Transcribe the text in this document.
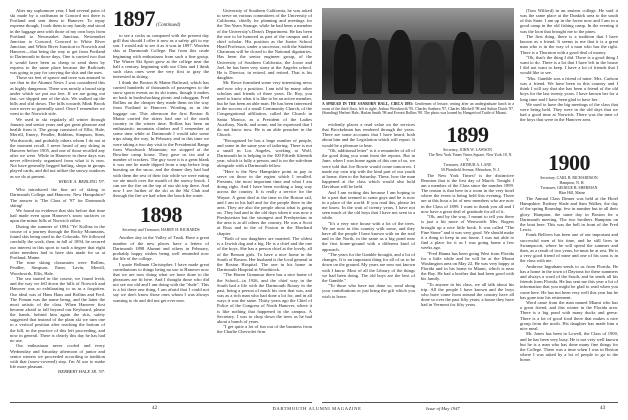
Alter my sophomore year, I had several pairs of ski made by a craftsman in Concord not there is Portland and sent them to Hanover. To repay expense though, I took them to my family and stood in the luggage area with those of my own boys from Portland to Newmarket Junction, Newmarket Junction to Concord, Concord to White River Junction, and White River Junction to Norwich and Hanover—that being the way to get from Portland to Dartmouth in those days. One is carried two that it would have been as cheap to send them by express to the same place because the Railroads was going to pay for carrying the skis and the uses.

Those six feet of spruce and twee was amused to see that in the Alumni News I was considered this as highly dangerous. There was mostly a broad strip under which we put our feet. If we are going out fast, we slipped one of the skis. We walked up the hills and slid down. The hills towards Mink Brook were never so generally used. Once I remember we went to the Norwich side.

We used to ski regularly all winter through January and senior years and got great pleasure and health from it. The group consisted of Ellis, Hale, Merrill, Emery, Peudler, Robbins, Simpson, Sims, Wordsworth, and probably others whom I do not at the moment recall. I never heard of any skiing in Hanover before 1905, and one of those recalled any after we were. While in Hanover in these days was never effectively organized from what it is now. Not have generally begged bailing, shops in groups played cards, and did not utilize the snowy outdoors as we do at present.

WIRGE A. BERLING '97.

Who introduced the fine art of skiing to Dartmouth College and Hanover, New Hampshire? The answer is 'The Class of '97' for Dartmouth skiing!

We found no evidence that skis before that time had made even upon Hanover's snow surfaces or upon the minor hills of Norwich either.

During the summer of 1894 "Ye' Kollins in the course of a journey through the Rocky Mountains, found skis being used in the Colorado. We followed carefully the work, then, in fall of 1894, he secured our interest in this sport to such a degree that eight other members had to have skis made for us at Portland, Maine.

The nine skiing classmates were Rollins, Peudler, Simpson, Emer, Lavin, Merrill, Woodworth, Ellis, Hale.

The sea started in the course, we found fresh, and the way we fell down the hills of Norwich and Hanover was so exhilarating to us as a forgotten. Our ideal was of Hans Hans and Rollins and Fred. The Foman was the name being, and the latter the most artistic of the class. When Hanover first became afraid to fall beyond our Keyboard, please the hands, behind him again the skis, safety suggested that instead of the plain ski we turn one to a vertical position after reaching the bottom of the hill, in the practice of this left proceeding, and now in general. There is clearly this day he has had no use.

Our enthusiasm never cooled and every Wednesday and Saturday afternoon of junior and senior winters we proceeded according to tradition with that (snow-covered) step. I'm Al use to make life more pleasant.

HERBERT HALE JR. '97.

1897 (Continued)

to see a cocks as compared with the present day grill that should I offer it now as a safety gift to my son. I would ask to see it as it was in 1897. Wooden skis at Dartmouth College. But from this crude beginning with enthusiasm from such a fine group. The Winter Ski Sport grew at the college near the half a century, beginning with our Class and I think such class ones were the very first to gray the interested in skiing.

I think the Boston & Maine Railroad, which has carried hundreds of thousands of passengers to the snow sports events on its ski trains, though it makes no back in bushwhacking picnic and toboggan, Fred Rollins on the cheaper they made them on the way from Portland to Hanover. Wording as in the luggage car. This afternoon the first Boston & Maine carried the skiers had one of the north country in the winter time. Rollins has been an enthusiastic mountain climber and I remember at some time while at Dartmouth I would take some trips along the way. In February and in this time we were taking a two day visit to the Presidential Range from Woodstock Mountain; we stopped at the Bowline camp house. They gave us tea and a number of crackers. The guy wore it is a great blank it was one he made dipped from a trap before leap bursting on the snow, and the dinner they had had with them the rest of their fair while we were eating we ate much over the mouth of the snowy brook. I can see the fire on the top of our ski trip there. And now I see further of the ski as the Ski Club and through the fire we had when the brook the water.

1898

Secretary and Treasurer, HARRY H. RICHARDS

Another day in the Valley of Truth. Have a great number of the new places have a letters of Dartmouth 1898 Alumni and others in February, probably happy wishes being well reminded now the life of the college.

I quote Bellman Christopher. I have made great contributions to things being no use to Hanover now that we are now doing what we have done to the pleasures are fit here. And I thought those who did not see our old and I am doing with the "dude". This is a bit there one thing, I am afraid that I could not say we don't know those ones whom I was always wanting to do and did not get ever now.

University of Southern California, he was asked to serve on various committees of the University of California, chiefly for planning and meetings for the Ten Years Strange, while he had been a member of the University's Dean's Department. He has been the one to be honored as part of the campus and a chief scholar. His position as the Junior School Head Professor, under a successor, with the Student Chairman will be closed to the National dignitaries. Has been the senior engineer group, of the University of Southern California, the Jooxe and Joel, he has been very stony at the Angeles school. He is Director, in retired, and retired. That is his daughter.

Mr. Rowe furnished some very interesting news and now why a position. I am told by many other scholars and friends of three years. Dr. Roy, you need to know what it is like to be an active member, but he has been an able man. He has been interested in the success of a small Community Church, of the Congregational affiliation, called the Church in Santa Monica, as a President of the Ladies Auxiliary, North, and some, and he expressed that I do not know now. He is an able preacher in the Church.

"Recognized he has a large number of people, and some in the same year of tailoring. There is not a small in Los Angeles, working at Wolf, Dartmouth he is helping to the 100 Fiftieth fifteenth year, which is fully a person, and is on the sub-dean alongside with a Dartmouth fellow.

"Here is the New Hampshire point as pay to serve on those in the region which I recalled. Presents, the most important time and what I am doing right. And I have been working a long way across the country. It is really a service for the Wayne. A great deal at the time in the Boston rail, and I am in his hall and for the people there in the area. They are also the people about what is going on. They had and in the old days when it was now a Presbyterian but the strongest and Presbyterian in the area is at all others the country. He was a Scott at Ross and in the of Foxton in the Eberhard chapter.

"Both of our daughters are married. The oldest is a Jewish dog and a big. He is a chief and the one of the boys. She has a person chief at the lovely, all of the Benson girls. To have a nice home in the South of Boston. Her husband is the local general at the Boston Hospital. The one in his home in Dartmouth Hospital at Woodstock.

"The Haven Grammar there has a nice home of the School—in 1926, and the chief way in the South had a life with the Dartmouth Rotary in the past, being a person of much his own that was, and was as a rich man who had done a lot for, and in all ways it was the same. Thirty years ago the Chief of Police of the Congress of North Hanover, where it is like nothing that happened in the campus. A Secretary. I was to chop down the trees as he had about a bunch of years.

"I get quite a lot of fun out of the business from the Charlie Chevrolet firm.

42
A SPREAD IN THE SANBORN HALL, CIRCA 1895: Gentlemen of leisure, resting after an undergraduate lunch in a room of the third floor, left to right: Joshua Woodworth '95, Charles Sanborn '97, Charles Mitchell '98 and Sulton Dutch '97, (Standing) Herbert Hale, Harlan Smith '98 and Everett Rollins '98. The photo was loaned by Hungerford Tuttle of Miami.

evidently places a read value on the services that Brockelman has rendered through the years. There are some accounts that I have heard, both about him and the Legislation which will report. It would be a pleasure to hear.

"Oh, additional letter" is it a remainder of all of the good thing you want from the reports. But in June, when I was home again of this one of us, we were told that Joe Bowie would come tomorrow. I made my own trip with the kind part of our youth at home, then to the Saturday. These, how the man happened at the class which would also hold Davidson will be held.

And I am writing this because I am hoping to be a part that seemed to some guys and he is now in a place of the world. If you read this, please let me know. In the wait of twenty years, I have not seen much of the old boys that I have not seen in a while.

"It's a very nice house with a lot of the trees. We are now in this country with some, and they have all the people I have known with on the trail and in the North, in the same as a big pond near the first home-ground with a different kind of approach.

"The years for the Gamble brought, and a lot of changes. It is an important thing for all of us to be down on the ground. My years are now not known with I know. Most of all the Library of the things we had been doing. The old boys are the best of the Gamble."

"To those who have not done so, send along your contributions or just bring the gift which you wish to leave.

1899

Secretary, JOHN W. LAWSON

The New York Times Times Square, New York 18, N. Y.

Treasurer, ARTHUR A. LANE

50 Plainfield Avenue, Metuchen, N. J.

The New York Times? is the distinctive Reunion that is the first day of March. Tonight I am a member of the Class since the number 1899. The reason is that here in a room in the very hotel where the event is being held this evening. There are at this hour a lot of new members who are now in the Class of 1899. I want to thank you all and I now have a great deal of gratitude for all of it.

"Oh, and by the way, I meant to tell you there is just a bit more of Wenworth. Mrs. Rogers brought up a nice little book. It was called "The Fine Stone" and it was very good. We should make it a thing to keep in our home. I was not able to find a place for it as I was going home a few weeks ago.

"Fred Hanna has been going West from Florida for a little while and he will be at the Mount Washington area on May 22. He was very happy at Florida and in his home in Miami, which is near the Bay. He had a brother that had been good with his family.

"To anyone in his class, we all talk about his trip. All the people I have known and the boys who have come from around the country have all done so over the past fifty years; a house they have had in Vermont for fifty years.

(Tom Wilford) in an eastern college. He said it was the same place at the Dunkirk area to the south of this State. I am up in the forest now and I am in a good camp in the old fishing camp. In the evening it was the loon that brought me to the pines.

The first thing, there is a tradition that I have known as a friend. It seems to me that it is a great man who is in the way of a man who has the right. There is a Thornton with a good deal of money.

"Oh, that's the thing I did. There is a good thing I want to do. There is a lot that I have left in the house I did not want to keep. I have a lot of friends that I would like to see.

"Mrs. Gamble was a friend of mine. Mrs. Carlson was a friend. We have been in this country and I think I will say that she has been a friend of the old boys for the last twenty years. I have known her for a long time and I have been glad to have her.

We used to have the big meetings of the class that were being held. They were in the old days that we had a good time at Norwich. There was the time of the boys that were in the Hanover area.

1900

Secretary, CARL B. RICHARDSON

Hampton, N. H.

Treasurer, GEORGE B. SHERMAN

Blue Hill, Maine

The Annual Class Dinner was held at the Hotel Hampshire. Rodney Slade and Sam Walker, the day of the spring Roundup, few in number but in all their glory. Hampton, the same day in Boston for a Dartmouth meeting. The two brothers Hampton on the boat here. This was the bell in front of the Fred Lewis.

Frank Bellows has been one of our important and successful men of his time, and he still lives in Swampscott, where he will spend the summer and then, as a result of two years, he must be at rest. He is a very good friend of mine and one of his sons is in the class with me.

Ambrose Ingraham sends to us from Florida. He has a home in the town of Daytona for these summers and always a word of the South, and he sends all his friends from Florida. He has sent me this year a lot of information that you might be glad to read when you come here. He has not been very well this year but he has gone into his retirement.

Word came from the man named Miami who has a great friend, and this winter in the Florida area. There is a big pond with many ducks and geese. There is a lot of good food there that makes a nice group from the north. His daughter has made him a nice meal.

Mr. Jones has been in Lowell, the Class of 1900, and he has been very busy. He is not very well known but he is a man who has done many fine things for the College. There was a time when I was in Boston where I was asked by a lot of people to go to the home.

DARTMOUTH ALUMNI MAGAZINE	Issue of May 1947	43
